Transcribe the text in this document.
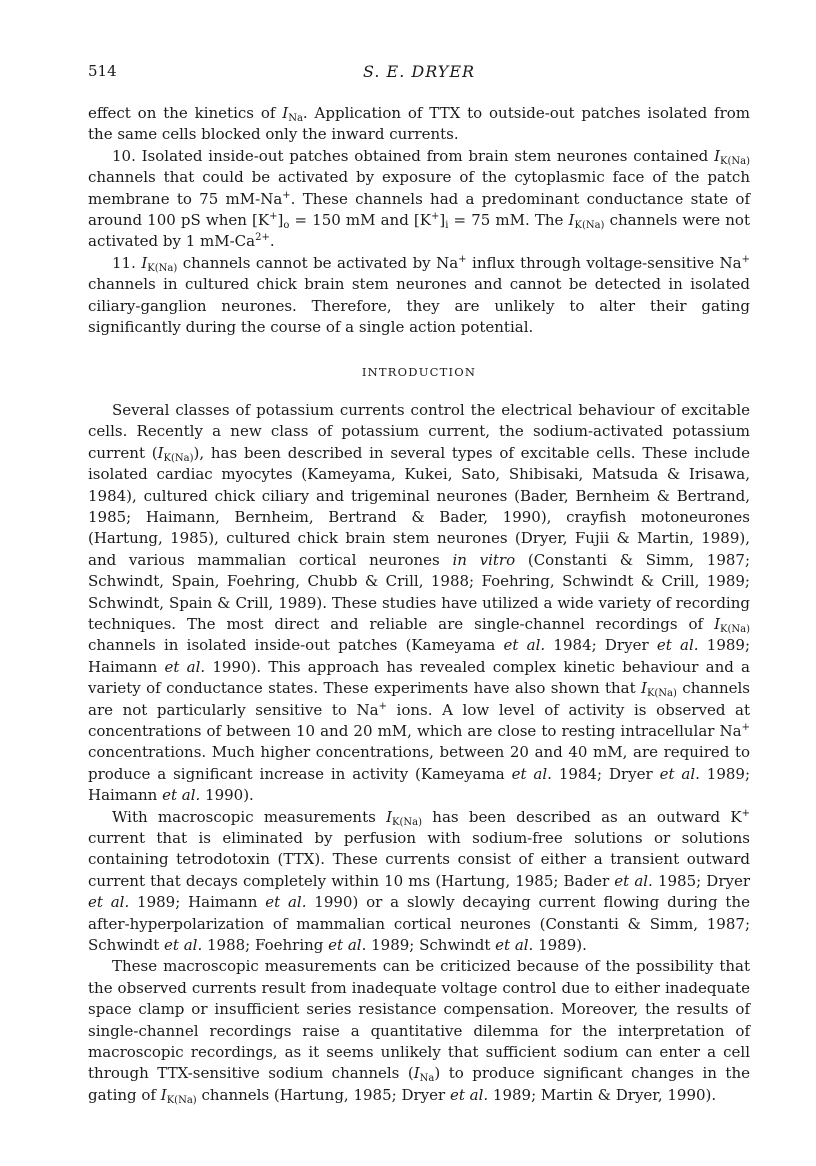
514	S. E. DRYER

effect on the kinetics of $I_{Na}$. Application of TTX to outside-out patches isolated from the same cells blocked only the inward currents.

10. Isolated inside-out patches obtained from brain stem neurones contained $I_{K(Na)}$ channels that could be activated by exposure of the cytoplasmic face of the patch membrane to 75 mM-Na+. These channels had a predominant conductance state of around 100 pS when $[K^+]_o = 150$ mM and $[K^+]_i = 75$ mM. The $I_{K(Na)}$ channels were not activated by 1 $mM-Ca^{2+}$.

11. $I_{K(Na)}$ channels cannot be activated by Na+ influx through voltage-sensitive Na+ channels in cultured chick brain stem neurones and cannot be detected in isolated ciliary-ganglion neurones. Therefore, they are unlikely to alter their gating significantly during the course of a single action potential.

INTRODUCTION

Several classes of potassium currents control the electrical behaviour of excitable cells. Recently a new class of potassium current, the sodium-activated potassium current $(I_{K(Na)})$, has been described in several types of excitable cells. These include isolated cardiac myocytes (Kameyama, Kukei, Sato, Shibisaki, Matsuda & Irisawa, 1984), cultured chick ciliary and trigeminal neurones (Bader, Bernheim & Bertrand, 1985; Haimann, Bernheim, Bertrand & Bader, 1990), crayfish motoneurones (Hartung, 1985), cultured chick brain stem neurones (Dryer, Fujii & Martin, 1989), and various mammalian cortical neurones in vitro (Constanti & Simm, 1987; Schwindt, Spain, Foehring, Chubb & Crill, 1988; Foehring, Schwindt & Crill, 1989; Schwindt, Spain & Crill, 1989). These studies have utilized a wide variety of recording techniques. The most direct and reliable are single-channel recordings of $I_{K(Na)}$ channels in isolated inside-out patches (Kameyama et al. 1984; Dryer et al. 1989; Haimann et al. 1990). This approach has revealed complex kinetic behaviour and a variety of conductance states. These experiments have also shown that $I_{K(Na)}$ channels are not particularly sensitive to Na+ ions. A low level of activity is observed at concentrations of between 10 and 20 mM, which are close to resting intracellular Na+ concentrations. Much higher concentrations, between 20 and 40 mM, are required to produce a significant increase in activity (Kameyama et al. 1984; Dryer et al. 1989; Haimann et al. 1990).

With macroscopic measurements $I_{K(Na)}$ has been described as an outward K+ current that is eliminated by perfusion with sodium-free solutions or solutions containing tetrodotoxin (TTX). These currents consist of either a transient outward current that decays completely within 10 ms (Hartung, 1985; Bader et al. 1985; Dryer et al. 1989; Haimann et al. 1990) or a slowly decaying current flowing during the after-hyperpolarization of mammalian cortical neurones (Constanti & Simm, 1987; Schwindt et al. 1988; Foehring et al. 1989; Schwindt et al. 1989).

These macroscopic measurements can be criticized because of the possibility that the observed currents result from inadequate voltage control due to either inadequate space clamp or insufficient series resistance compensation. Moreover, the results of single-channel recordings raise a quantitative dilemma for the interpretation of macroscopic recordings, as it seems unlikely that sufficient sodium can enter a cell through TTX-sensitive sodium channels $(I_{Na})$ to produce significant changes in the gating of $I_{K(Na)}$ channels (Hartung, 1985; Dryer et al. 1989; Martin & Dryer, 1990).
